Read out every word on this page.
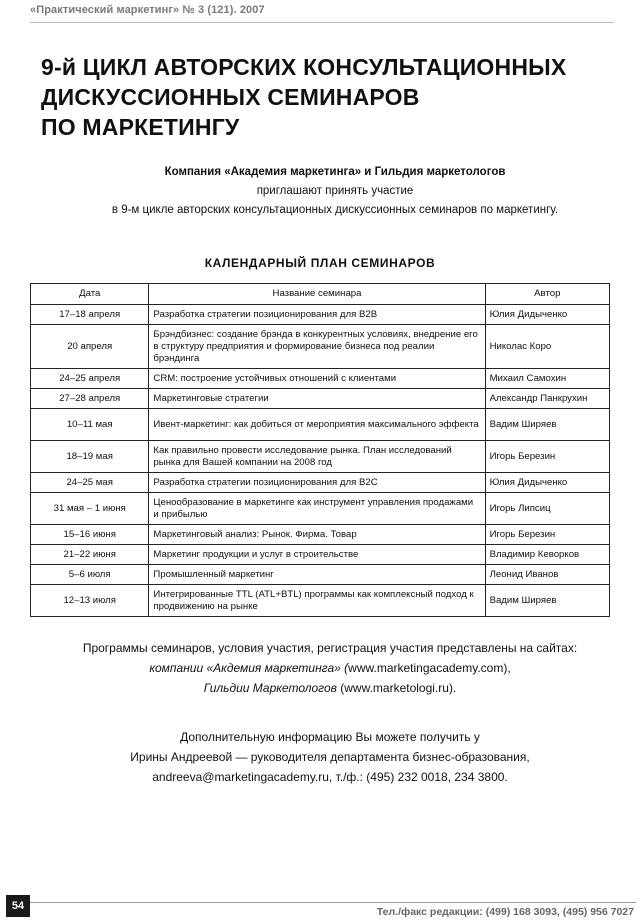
«Практический маркетинг» № 3 (121). 2007
9-й ЦИКЛ АВТОРСКИХ КОНСУЛЬТАЦИОННЫХ
ДИСКУССИОННЫХ СЕМИНАРОВ
ПО МАРКЕТИНГУ
Компания «Академия маркетинга» и Гильдия маркетологов
приглашают принять участие
в 9-м цикле авторских консультационных дискуссионных семинаров по маркетингу.
КАЛЕНДАРНЫЙ ПЛАН СЕМИНАРОВ
Дата	Название семинара	Автор
17–18 апреля	Разработка стратегии позиционирования для B2B	Юлия Дидыченко
20 апреля	Брэндбизнес: создание брэнда в конкурентных условиях, внедрение его в структуру предприятия и формирование бизнеса под реалии брэндинга	Николас Коро
24–25 апреля	CRM: построение устойчивых отношений с клиентами	Михаил Самохин
27–28 апреля	Маркетинговые стратегии	Александр Панкрухин
10–11 мая	Ивент-маркетинг: как добиться от мероприятия максимального эффекта	Вадим Ширяев
18–19 мая	Как правильно провести исследование рынка. План исследований рынка для Вашей компании на 2008 год	Игорь Березин
24–25 мая	Разработка стратегии позиционирования для B2C	Юлия Дидыченко
31 мая – 1 июня	Ценообразование в маркетинге как инструмент управления продажами и прибылью	Игорь Липсиц
15–16 июня	Маркетинговый анализ: Рынок. Фирма. Товар	Игорь Березин
21–22 июня	Маркетинг продукции и услуг в строительстве	Владимир Кеворков
5–6 июля	Промышленный маркетинг	Леонид Иванов
12–13 июля	Интегрированные TTL (ATL+BTL) программы как комплексный подход к продвижению на рынке	Вадим Ширяев
Программы семинаров, условия участия, регистрация участия представлены на сайтах:
компании «Акдемия маркетинга» (www.marketingacademy.com),
Гильдии Маркетологов (www.marketologi.ru).
Дополнительную информацию Вы можете получить у
Ирины Андреевой — руководителя департамента бизнес-образования,
andreeva@marketingacademy.ru, т./ф.: (495) 232 0018, 234 3800.
54	Тел./факс редакции: (499) 168 3093, (495) 956 7027
